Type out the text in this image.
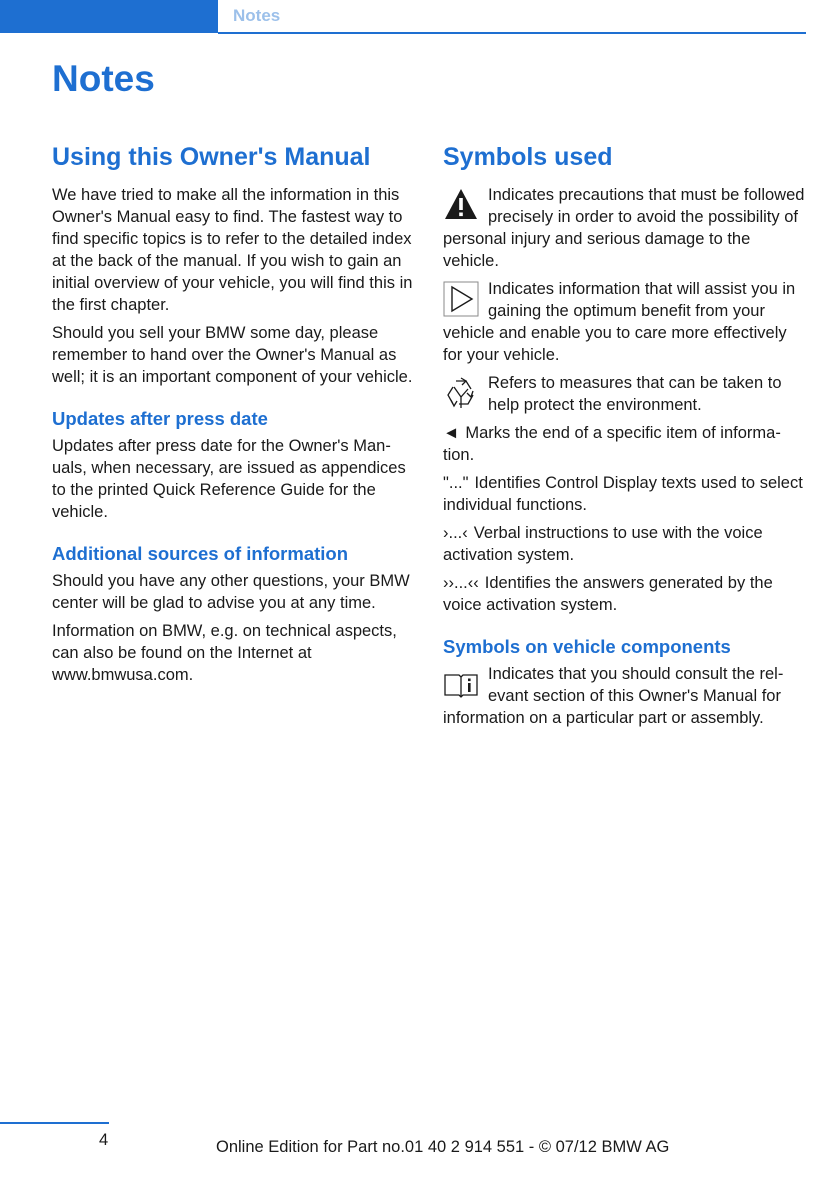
Notes
Notes
Using this Owner's Manual

We have tried to make all the information in this Owner's Manual easy to find. The fastest way to find specific topics is to refer to the detailed index at the back of the manual. If you wish to gain an initial overview of your vehicle, you will find this in the first chapter.

Should you sell your BMW some day, please remember to hand over the Owner's Manual as well; it is an important component of your vehicle.

Updates after press date

Updates after press date for the Owner's Manuals, when necessary, are issued as appendices to the printed Quick Reference Guide for the vehicle.

Additional sources of information

Should you have any other questions, your BMW center will be glad to advise you at any time.

Information on BMW, e.g. on technical aspects, can also be found on the Internet at www.bmwusa.com.

Symbols used
Indicates precautions that must be followed precisely in order to avoid the possibility of personal injury and serious damage to the vehicle.
Indicates information that will assist you in gaining the optimum benefit from your vehicle and enable you to care more effectively for your vehicle.
Refers to measures that can be taken to help protect the environment.

◄ Marks the end of a specific item of information.

"..." Identifies Control Display texts used to select individual functions.

›...‹ Verbal instructions to use with the voice activation system.

››...‹‹ Identifies the answers generated by the voice activation system.

Symbols on vehicle components
Indicates that you should consult the relevant section of this Owner's Manual for information on a particular part or assembly.
4	Online Edition for Part no.01 40 2 914 551 - © 07/12 BMW AG
